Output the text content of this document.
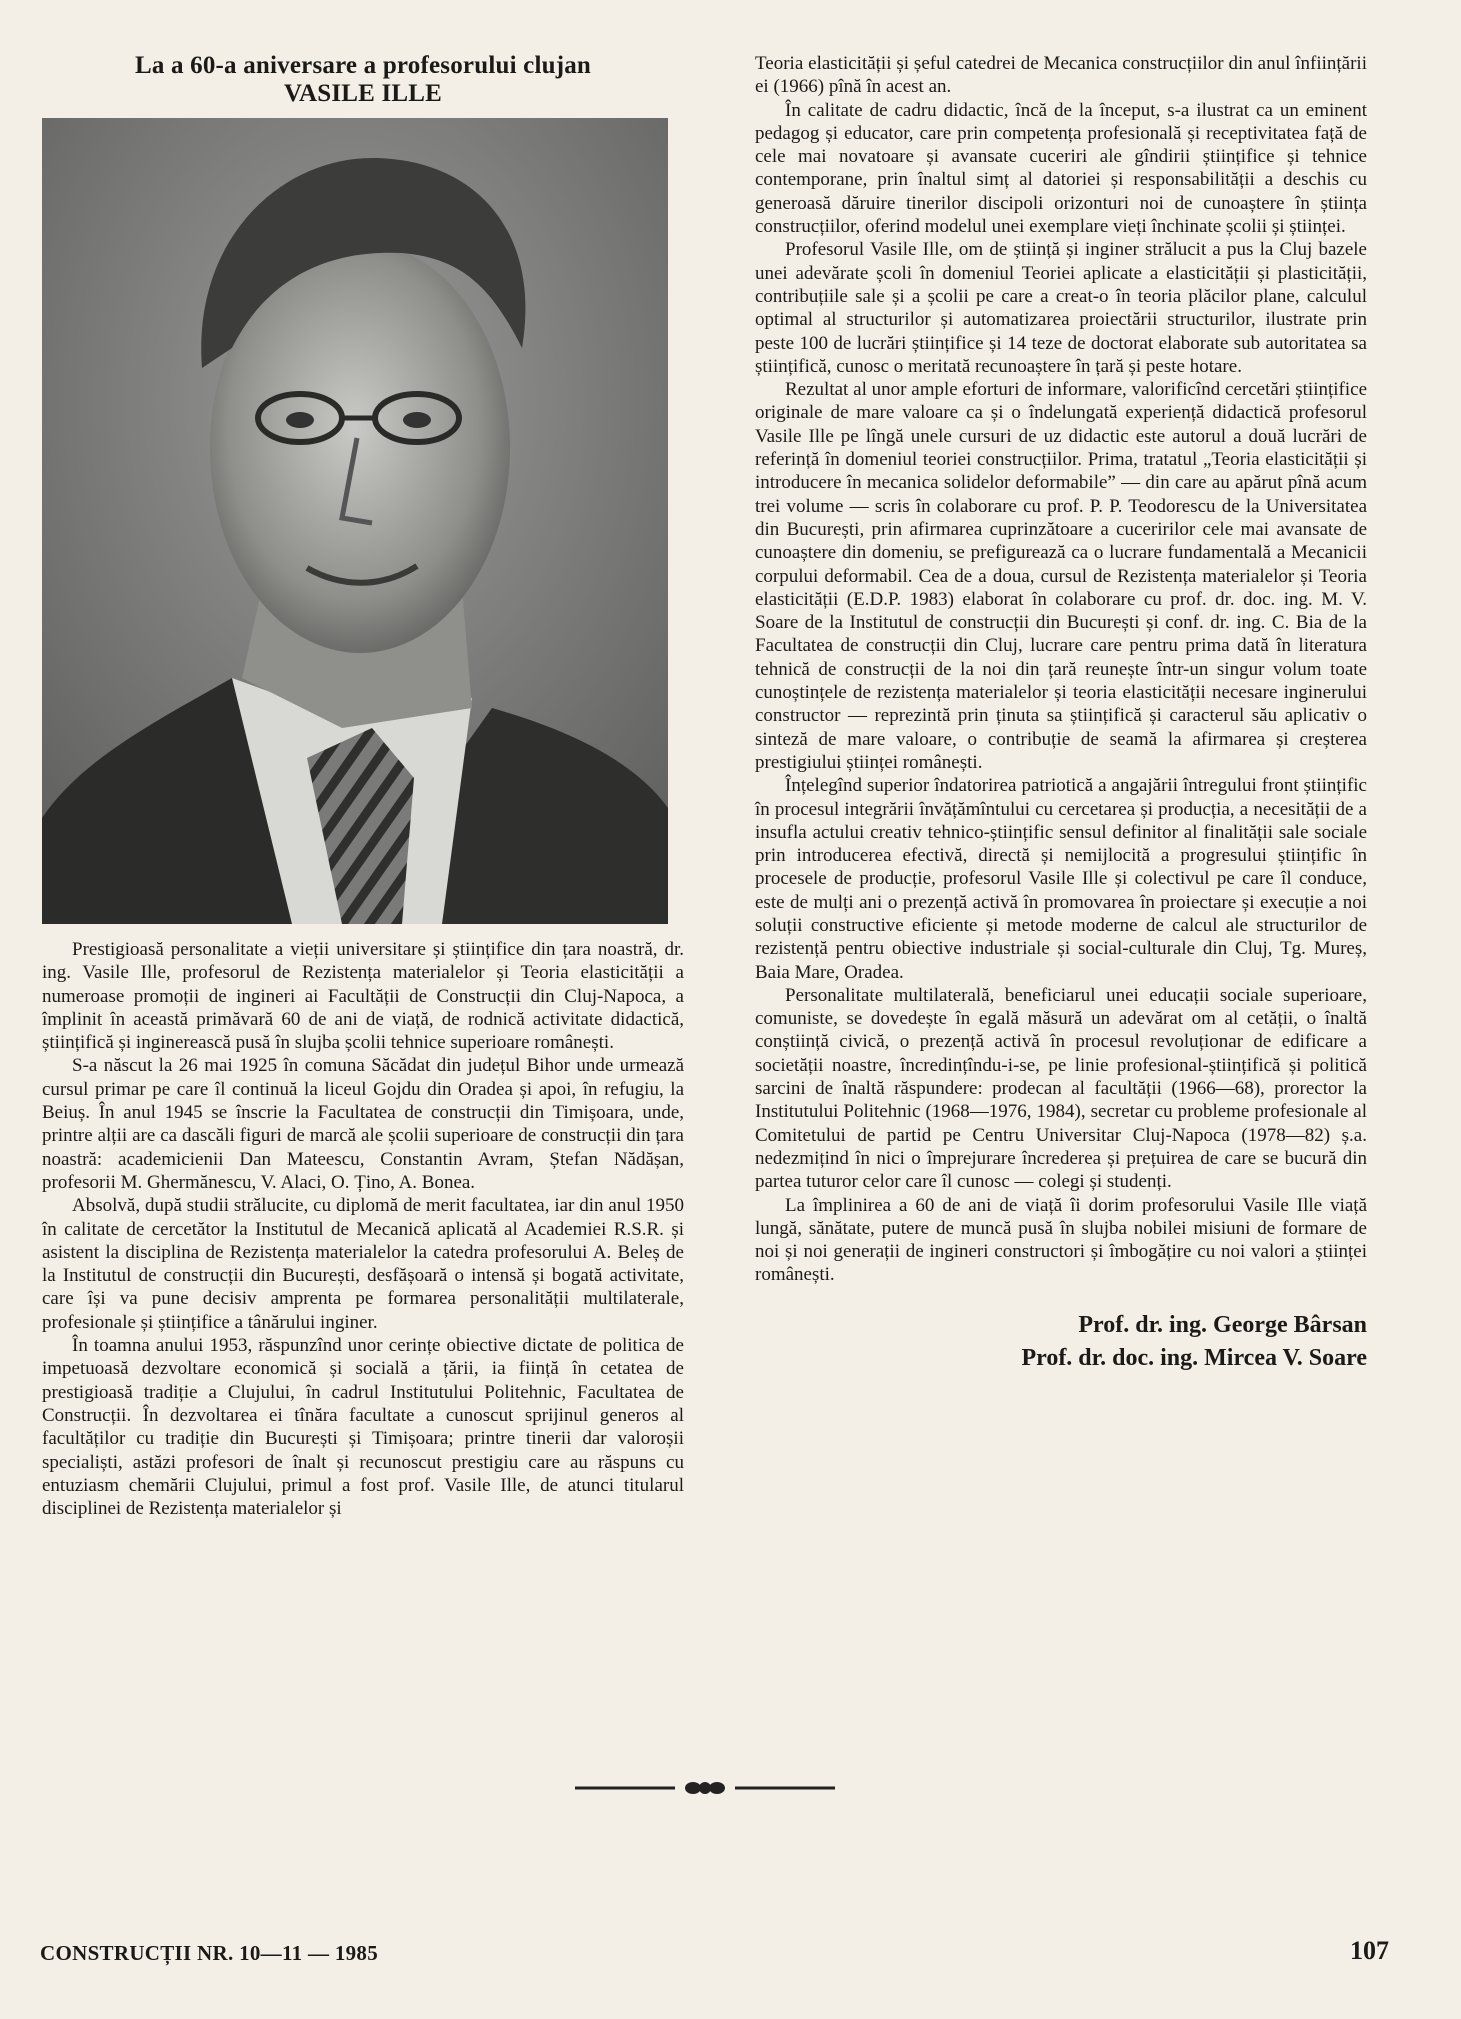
La a 60-a aniversare a profesorului clujan
VASILE ILLE

Prestigioasă personalitate a vieții universitare și științifice din țara noastră, dr. ing. Vasile Ille, profesorul de Rezistența materialelor și Teoria elasticității a numeroase promoții de ingineri ai Facultății de Construcții din Cluj-Napoca, a împlinit în această primăvară 60 de ani de viață, de rodnică activitate didactică, științifică și inginerească pusă în slujba școlii tehnice superioare românești.

S-a născut la 26 mai 1925 în comuna Săcădat din județul Bihor unde urmează cursul primar pe care îl continuă la liceul Gojdu din Oradea și apoi, în refugiu, la Beiuș. În anul 1945 se înscrie la Facultatea de construcții din Timișoara, unde, printre alții are ca dascăli figuri de marcă ale școlii superioare de construcții din țara noastră: academicienii Dan Mateescu, Constantin Avram, Ștefan Nădășan, profesorii M. Ghermănescu, V. Alaci, O. Țino, A. Bonea.

Absolvă, după studii strălucite, cu diplomă de merit facultatea, iar din anul 1950 în calitate de cercetător la Institutul de Mecanică aplicată al Academiei R.S.R. și asistent la disciplina de Rezistența materialelor la catedra profesorului A. Beleș de la Institutul de construcții din București, desfășoară o intensă și bogată activitate, care își va pune decisiv amprenta pe formarea personalității multilaterale, profesionale și științifice a tânărului inginer.

În toamna anului 1953, răspunzînd unor cerințe obiective dictate de politica de impetuoasă dezvoltare economică și socială a țării, ia ființă în cetatea de prestigioasă tradiție a Clujului, în cadrul Institutului Politehnic, Facultatea de Construcții. În dezvoltarea ei tînăra facultate a cunoscut sprijinul generos al facultăților cu tradiție din București și Timișoara; printre tinerii dar valoroșii specialiști, astăzi profesori de înalt și recunoscut prestigiu care au răspuns cu entuziasm chemării Clujului, primul a fost prof. Vasile Ille, de atunci titularul disciplinei de Rezistența materialelor și

Teoria elasticității și șeful catedrei de Mecanica construcțiilor din anul înființării ei (1966) pînă în acest an.

În calitate de cadru didactic, încă de la început, s-a ilustrat ca un eminent pedagog și educator, care prin competența profesională și receptivitatea față de cele mai novatoare și avansate cuceriri ale gîndirii științifice și tehnice contemporane, prin înaltul simț al datoriei și responsabilității a deschis cu generoasă dăruire tinerilor discipoli orizonturi noi de cunoaștere în știința construcțiilor, oferind modelul unei exemplare vieți închinate școlii și științei.

Profesorul Vasile Ille, om de știință și inginer strălucit a pus la Cluj bazele unei adevărate școli în domeniul Teoriei aplicate a elasticității și plasticității, contribuțiile sale și a școlii pe care a creat-o în teoria plăcilor plane, calculul optimal al structurilor și automatizarea proiectării structurilor, ilustrate prin peste 100 de lucrări științifice și 14 teze de doctorat elaborate sub autoritatea sa științifică, cunosc o meritată recunoaștere în țară și peste hotare.

Rezultat al unor ample eforturi de informare, valorificînd cercetări științifice originale de mare valoare ca și o îndelungată experiență didactică profesorul Vasile Ille pe lîngă unele cursuri de uz didactic este autorul a două lucrări de referință în domeniul teoriei construcțiilor. Prima, tratatul „Teoria elasticității și introducere în mecanica solidelor deformabile” — din care au apărut pînă acum trei volume — scris în colaborare cu prof. P. P. Teodorescu de la Universitatea din București, prin afirmarea cuprinzătoare a cuceririlor cele mai avansate de cunoaștere din domeniu, se prefigurează ca o lucrare fundamentală a Mecanicii corpului deformabil. Cea de a doua, cursul de Rezistența materialelor și Teoria elasticității (E.D.P. 1983) elaborat în colaborare cu prof. dr. doc. ing. M. V. Soare de la Institutul de construcții din București și conf. dr. ing. C. Bia de la Facultatea de construcții din Cluj, lucrare care pentru prima dată în literatura tehnică de construcții de la noi din țară reunește într-un singur volum toate cunoștințele de rezistența materialelor și teoria elasticității necesare inginerului constructor — reprezintă prin ținuta sa științifică și caracterul său aplicativ o sinteză de mare valoare, o contribuție de seamă la afirmarea și creșterea prestigiului științei românești.

Înțelegînd superior îndatorirea patriotică a angajării întregului front științific în procesul integrării învățămîntului cu cercetarea și producția, a necesității de a insufla actului creativ tehnico-științific sensul definitor al finalității sale sociale prin introducerea efectivă, directă și nemijlocită a progresului științific în procesele de producție, profesorul Vasile Ille și colectivul pe care îl conduce, este de mulți ani o prezență activă în promovarea în proiectare și execuție a noi soluții constructive eficiente și metode moderne de calcul ale structurilor de rezistență pentru obiective industriale și social-culturale din Cluj, Tg. Mureș, Baia Mare, Oradea.

Personalitate multilaterală, beneficiarul unei educații sociale superioare, comuniste, se dovedește în egală măsură un adevărat om al cetății, o înaltă conștiință civică, o prezență activă în procesul revoluționar de edificare a societății noastre, încredințîndu-i-se, pe linie profesional-științifică și politică sarcini de înaltă răspundere: prodecan al facultății (1966—68), prorector la Institutului Politehnic (1968—1976, 1984), secretar cu probleme profesionale al Comitetului de partid pe Centru Universitar Cluj-Napoca (1978—82) ș.a. nedezmițind în nici o împrejurare încrederea și prețuirea de care se bucură din partea tuturor celor care îl cunosc — colegi și studenți.

La împlinirea a 60 de ani de viață îi dorim profesorului Vasile Ille viață lungă, sănătate, putere de muncă pusă în slujba nobilei misiuni de formare de noi și noi generații de ingineri constructori și îmbogățire cu noi valori a științei românești.

Prof. dr. ing. George Bârsan
Prof. dr. doc. ing. Mircea V. Soare
CONSTRUCȚII NR. 10—11 — 1985	107
